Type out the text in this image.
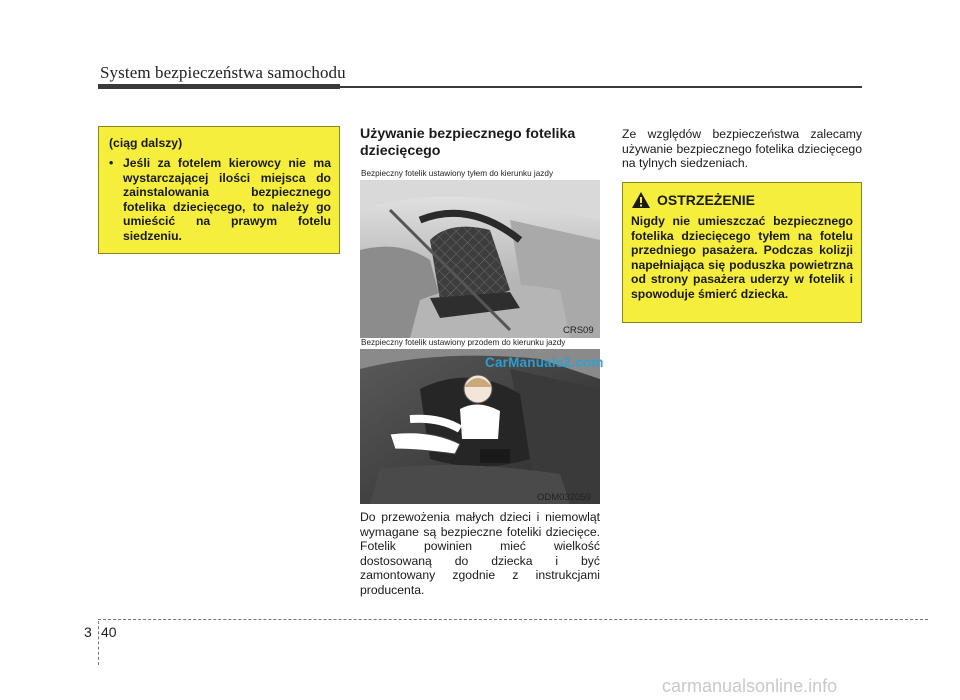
System bezpieczeństwa samochodu
(ciąg dalszy)
• Jeśli za fotelem kierowcy nie ma wystarczającej ilości miejsca do zainstalowania bezpiecznego fotelika dziecięcego, to należy go umieścić na prawym fotelu siedzeniu.
Używanie bezpiecznego fotelika dziecięcego
Bezpieczny fotelik ustawiony tyłem do kierunku jazdy
CRS09
Bezpieczny fotelik ustawiony przodem do kierunku jazdy
ODM032059
CarManuals2.com
Do przewożenia małych dzieci i niemowląt wymagane są bezpieczne foteliki dziecięce. Fotelik powinien mieć wielkość dostosowaną do dziecka i być zamontowany zgodnie z instrukcjami producenta.
Ze względów bezpieczeństwa zalecamy używanie bezpiecznego fotelika dziecięcego na tylnych siedzeniach.
OSTRZEŻENIE
Nigdy nie umieszczać bezpiecznego fotelika dziecięcego tyłem na fotelu przedniego pasażera. Podczas kolizji napełniająca się poduszka powietrzna od strony pasażera uderzy w fotelik i spowoduje śmierć dziecka.
3 40
carmanualsonline.info
